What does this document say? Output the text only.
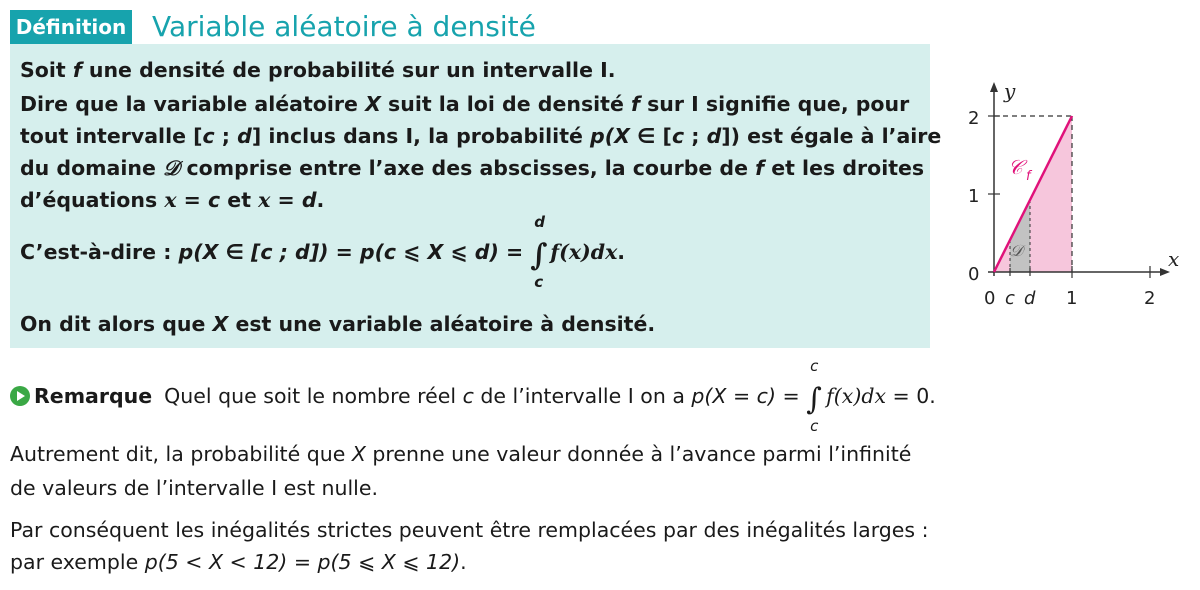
Définition Variable aléatoire à densité

Soit f une densité de probabilité sur un intervalle I.

Dire que la variable aléatoire X suit la loi de densité f sur I signifie que, pour

tout intervalle [c ; d] inclus dans I, la probabilité p(X ∈ [c ; d]) est égale à l’aire

du domaine 𝒟 comprise entre l’axe des abscisses, la courbe de f et les droites

d’équations x = c et x = d.

C’est-à-dire : p(X ∈ [c ; d]) = p(c ⩽ X ⩽ d) =
d
∫
c
f(x)dx.

On dit alors que X est une variable aléatoire à densité.

Remarque Quel que soit le nombre réel c de l’intervalle I on a p(X = c) =
c
∫
c
f(x)dx = 0.
Autrement dit, la probabilité que X prenne une valeur donnée à l’avance parmi l’infinité
de valeurs de l’intervalle I est nulle.
Par conséquent les inégalités strictes peuvent être remplacées par des inégalités larges :
par exemple p(5 < X < 12) = p(5 ⩽ X ⩽ 12).
y
x
0
1
2
0 c d 1	2
𝒞 f
𝒟
